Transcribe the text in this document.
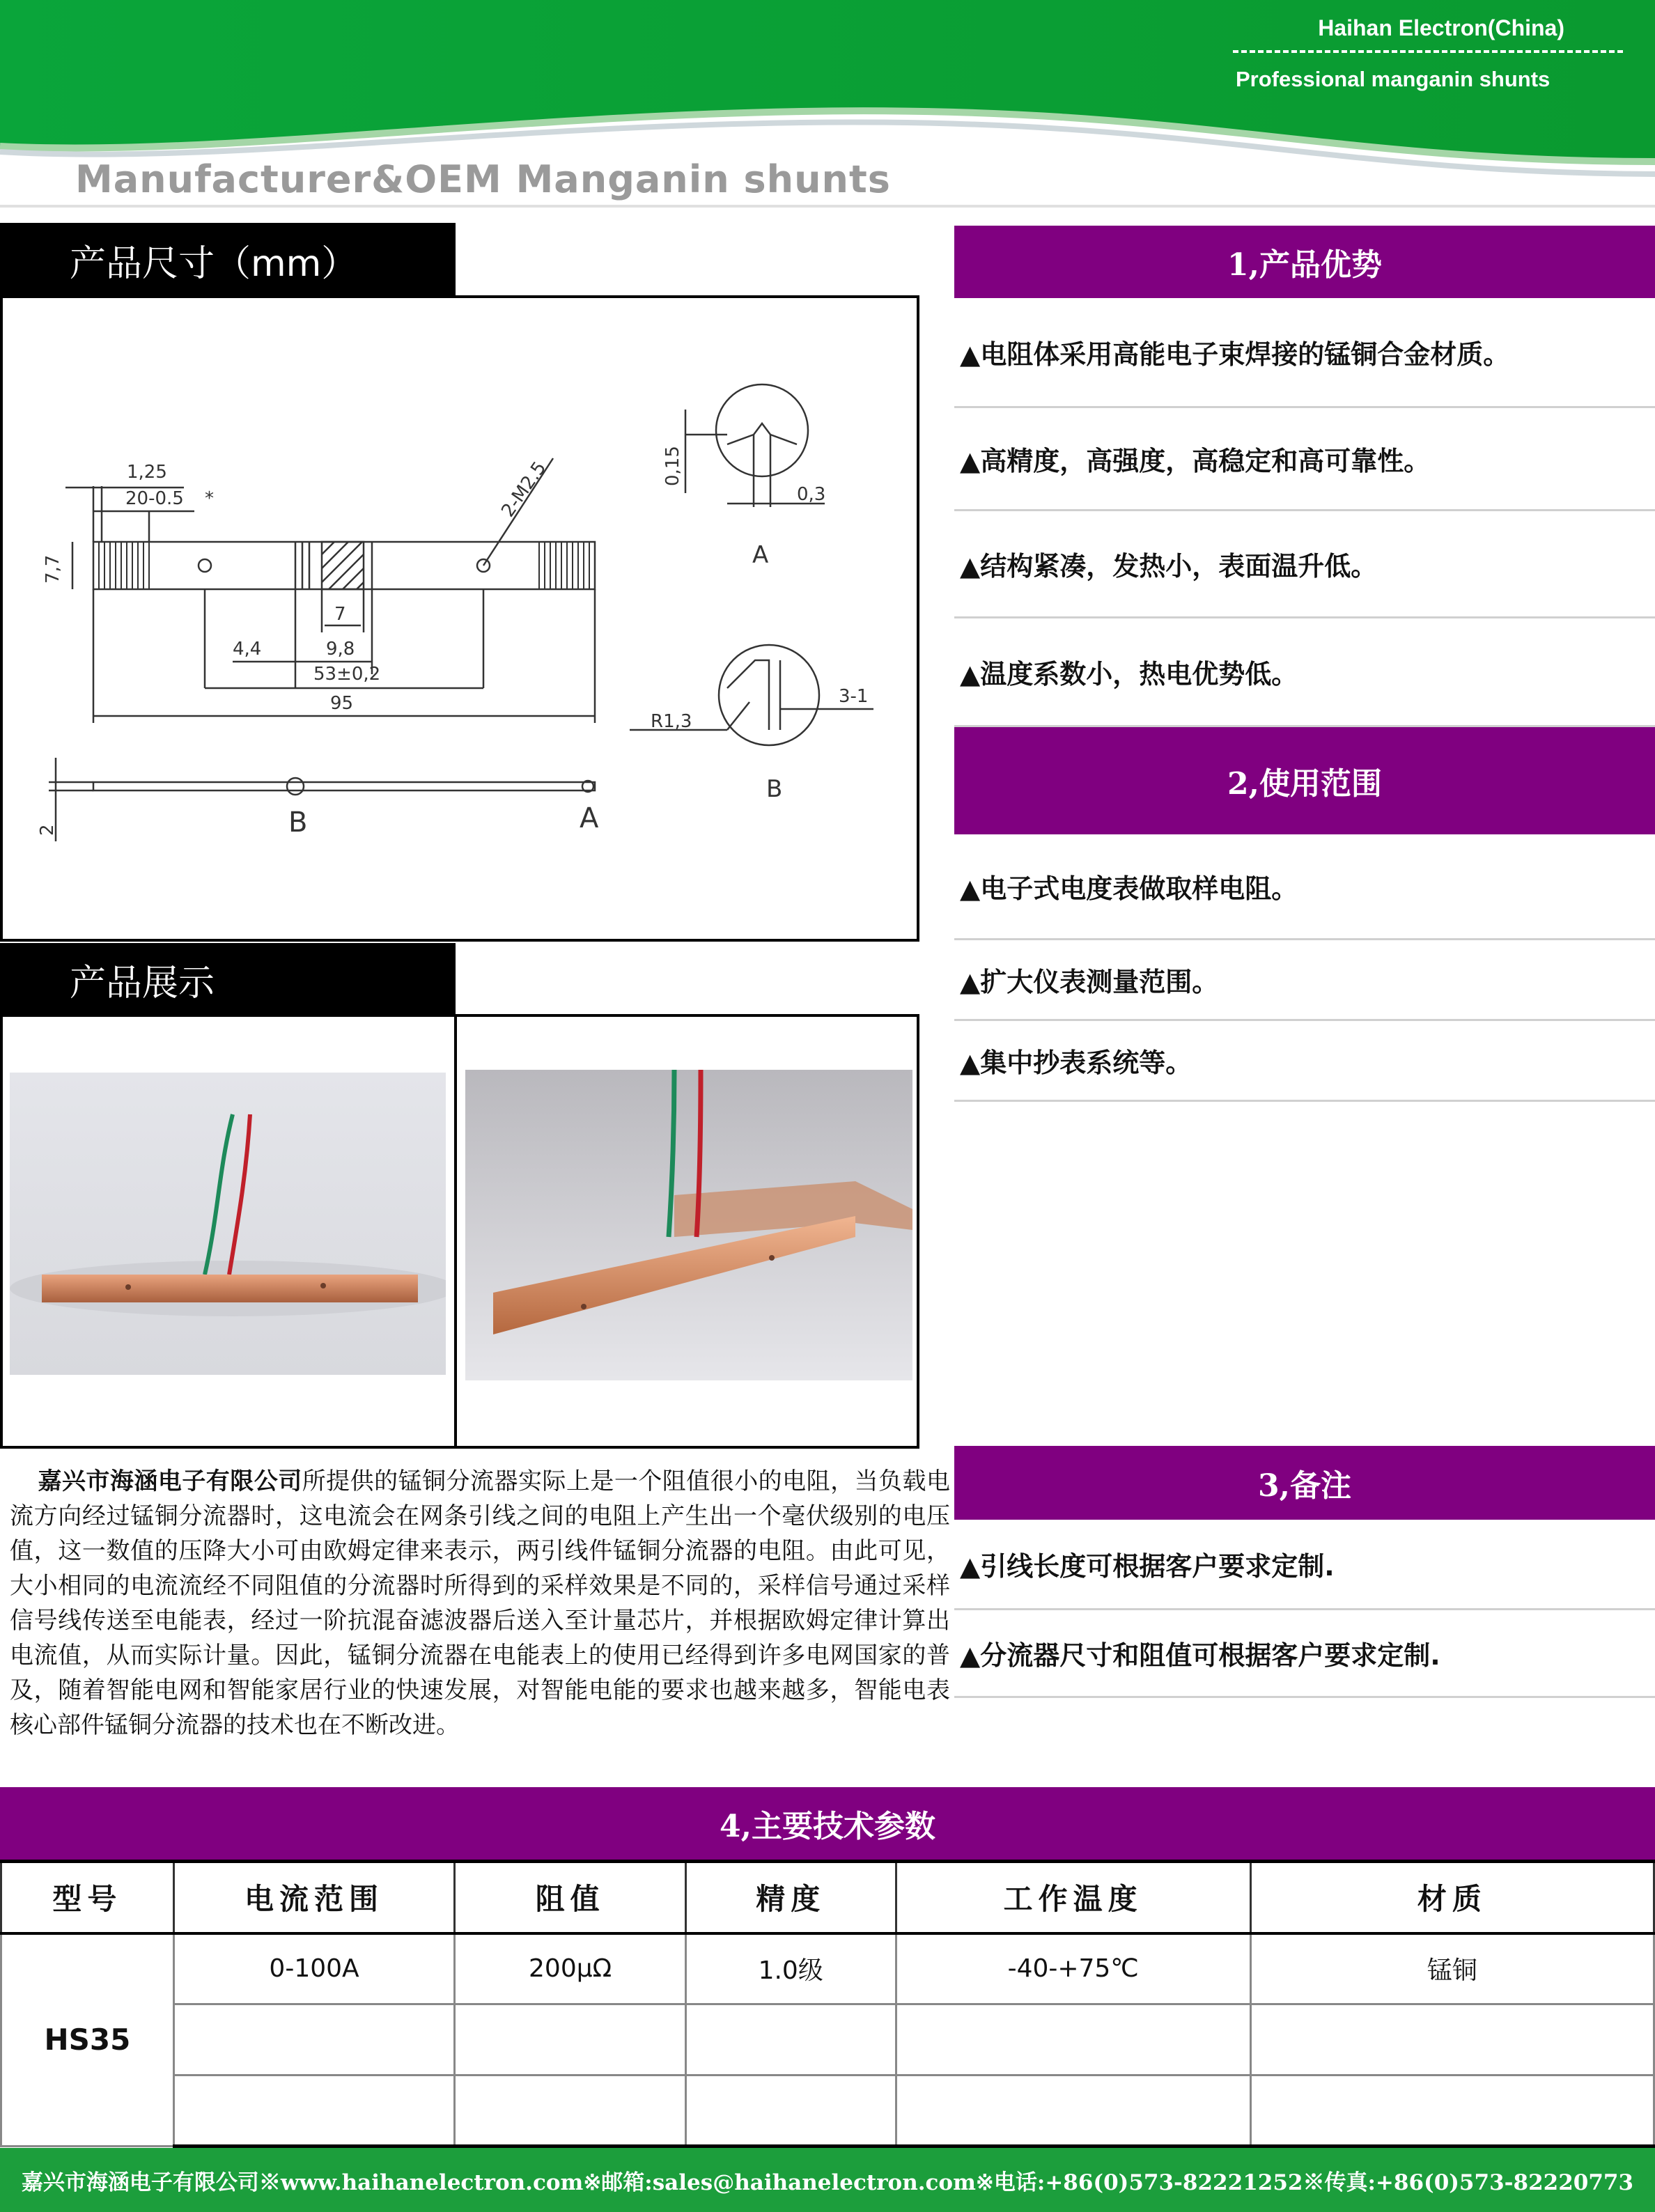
Haihan Electron(China)
Professional manganin shunts
Manufacturer&OEM Manganin shunts
产品尺寸（mm）
1,25
20-0.5 *	2-M2.5
7,7
7
4,4	9,8
53±0,2
95
0,15
0,3
A
R1,3
3-1
B
2	B	A
产品展示
1,产品优势
▲电阻体采用高能电子束焊接的锰铜合金材质。
▲高精度，高强度，高稳定和高可靠性。
▲结构紧凑，发热小，表面温升低。
▲温度系数小，热电优势低。
2,使用范围
▲电子式电度表做取样电阻。
▲扩大仪表测量范围。
▲集中抄表系统等。
3,备注
▲引线长度可根据客户要求定制.
▲分流器尺寸和阻值可根据客户要求定制.
嘉兴市海涵电子有限公司所提供的锰铜分流器实际上是一个阻值很小的电阻，当负载电流方向经过锰铜分流器时，这电流会在网条引线之间的电阻上产生出一个毫伏级别的电压值，这一数值的压降大小可由欧姆定律来表示，两引线件锰铜分流器的电阻。由此可见，大小相同的电流流经不同阻值的分流器时所得到的采样效果是不同的，采样信号通过采样信号线传送至电能表，经过一阶抗混奋滤波器后送入至计量芯片，并根据欧姆定律计算出电流值，从而实际计量。因此，锰铜分流器在电能表上的使用已经得到许多电网国家的普及，随着智能电网和智能家居行业的快速发展，对智能电能的要求也越来越多，智能电表核心部件锰铜分流器的技术也在不断改进。
4,主要技术参数
型号	电流范围	阻值	精度	工作温度	材质
HS35	0-100A	200μΩ	1.0级	-40-+75℃	锰铜

嘉兴市海涵电子有限公司※www.haihanelectron.com※邮箱:sales@haihanelectron.com※电话:+86(0)573-82221252※传真:+86(0)573-82220773
